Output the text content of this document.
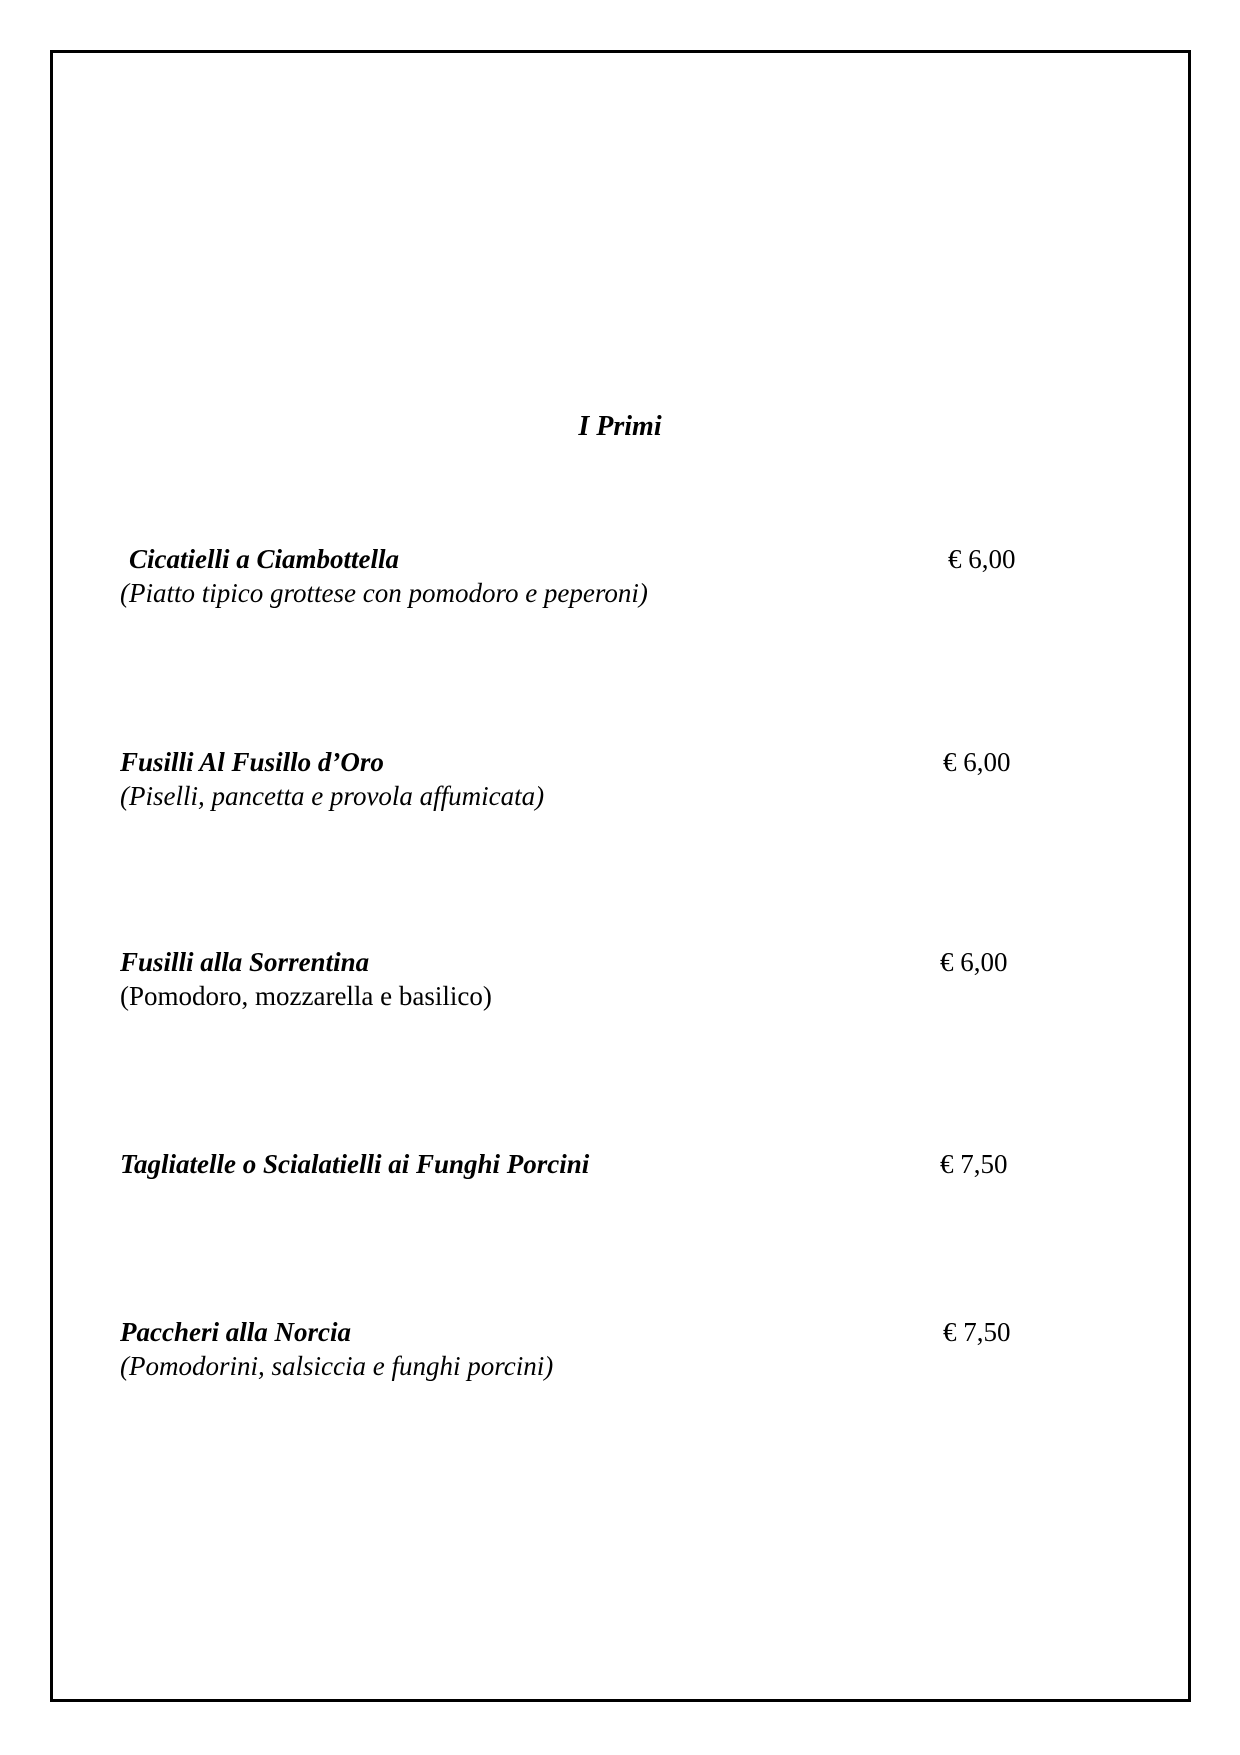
I Primi
Cicatielli a Ciambottella
(Piatto tipico grottese con pomodoro e peperoni)
€ 6,00
Fusilli Al Fusillo d’Oro
(Piselli, pancetta e provola affumicata)
€ 6,00
Fusilli alla Sorrentina
(Pomodoro, mozzarella e basilico)
€ 6,00
Tagliatelle o Scialatielli ai Funghi Porcini	€ 7,50
Paccheri alla Norcia
(Pomodorini, salsiccia e funghi porcini)
€ 7,50
